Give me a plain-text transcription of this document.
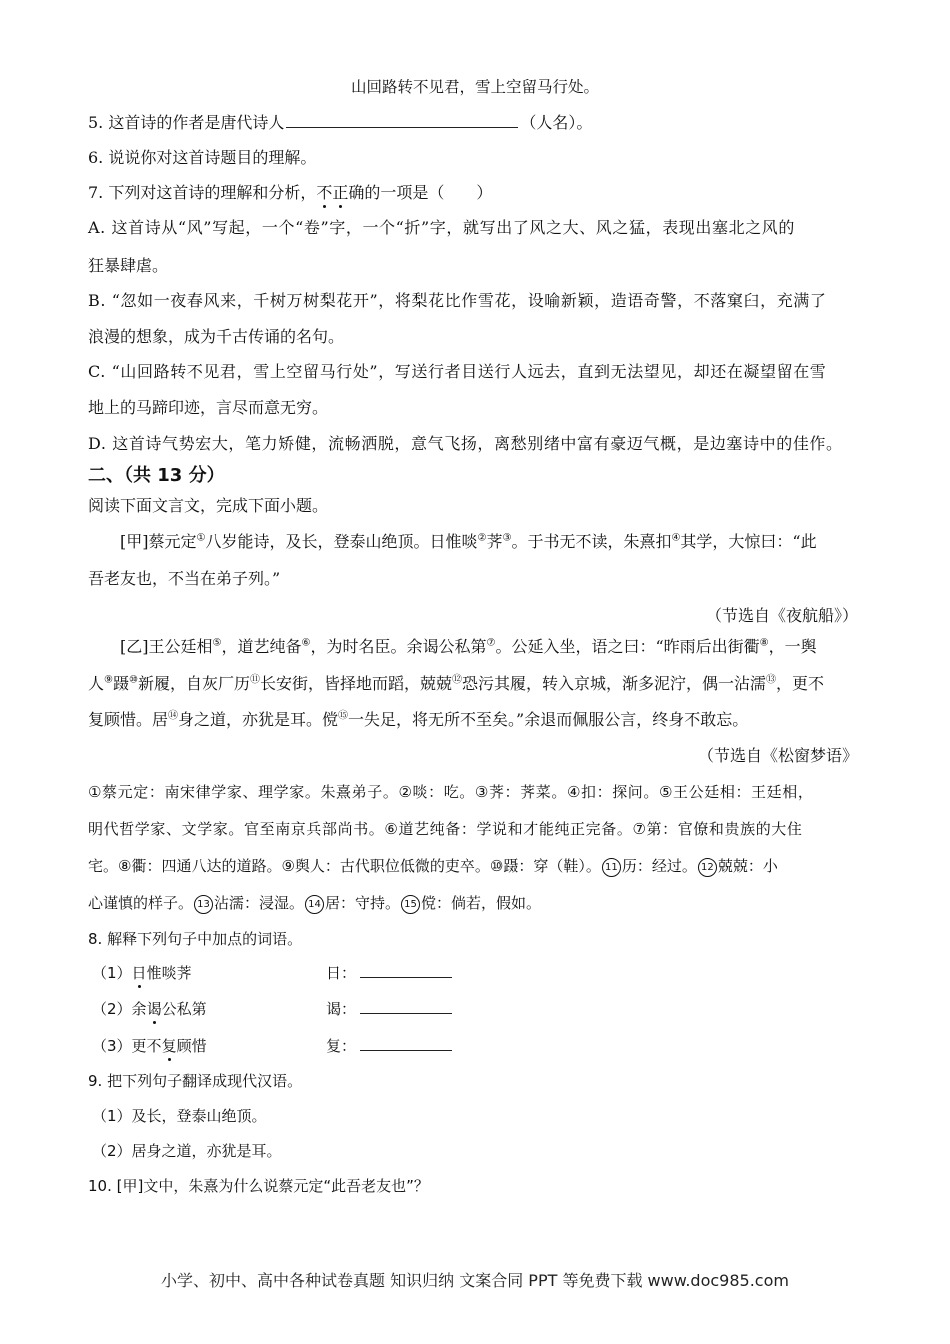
山回路转不见君，雪上空留马行处。
5. 这首诗的作者是唐代诗人	（人名）。
6. 说说你对这首诗题目的理解。
7. 下列对这首诗的理解和分析，不正确的一项是（　　）
A. 这首诗从“风”写起，一个“卷”字，一个“折”字，就写出了风之大、风之猛，表现出塞北之风的
狂暴肆虐。
B. “忽如一夜春风来，千树万树梨花开”，将梨花比作雪花，设喻新颖，造语奇警，不落窠臼，充满了
浪漫的想象，成为千古传诵的名句。
C. “山回路转不见君，雪上空留马行处”，写送行者目送行人远去，直到无法望见，却还在凝望留在雪
地上的马蹄印迹，言尽而意无穷。
D. 这首诗气势宏大，笔力矫健，流畅洒脱，意气飞扬，离愁别绪中富有豪迈气概，是边塞诗中的佳作。
二、（共 13 分）
阅读下面文言文，完成下面小题。
[甲]蔡元定①八岁能诗，及长，登泰山绝顶。日惟啖②荠③。于书无不读，朱熹扣④其学，大惊曰：“此
吾老友也，不当在弟子列。”
（节选自《夜航船》）
[乙]王公廷相⑤，道艺纯备⑥，为时名臣。余谒公私第⑦。公延入坐，语之曰：“昨雨后出街衢⑧，一舆
人⑨蹑⑩新履，自灰厂历⑪长安街，皆择地而蹈，兢兢⑫恐污其履，转入京城，渐多泥泞，偶一沾濡⑬，更不
复顾惜。居⑭身之道，亦犹是耳。傥⑮一失足，将无所不至矣。”余退而佩服公言，终身不敢忘。
（节选自《松窗梦语》
①蔡元定：南宋律学家、理学家。朱熹弟子。②啖：吃。③荠：荠菜。④扣：探问。⑤王公廷相：王廷相，
明代哲学家、文学家。官至南京兵部尚书。⑥道艺纯备：学说和才能纯正完备。⑦第：官僚和贵族的大住
宅。⑧衢：四通八达的道路。⑨舆人：古代职位低微的吏卒。⑩蹑：穿（鞋）。 11 历：经过。 12 兢兢：小
心谨慎的样子。 13 沾濡：浸湿。 14 居：守持。 15 傥：倘若，假如。
8. 解释下列句子中加点的词语。
（1）日惟啖荠	日：
（2）余谒公私第	谒：
（3）更不复顾惜	复：
9. 把下列句子翻译成现代汉语。
（1）及长，登泰山绝顶。
（2）居身之道，亦犹是耳。
10. [甲]文中，朱熹为什么说蔡元定“此吾老友也”？
小学、初中、高中各种试卷真题 知识归纳 文案合同 PPT 等免费下载 www.doc985.com
